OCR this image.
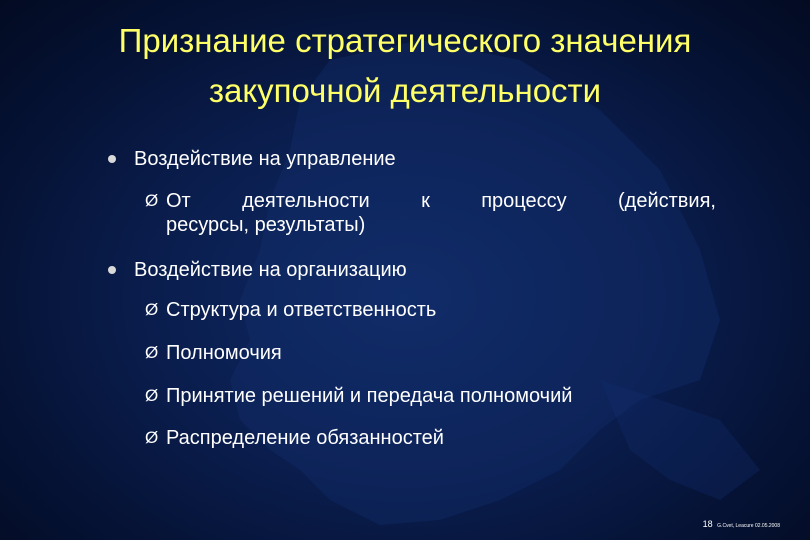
Признание стратегического значения
закупочной деятельности
Воздействие на управление
Ø От	деятельности	к	процессу	(действия,
ресурсы, результаты)
Воздействие на организацию
Ø Структура и ответственность
Ø Полномочия
Ø Принятие решений и передача полномочий
Ø Распределение обязанностей
18 G.Cvet, Leacure 02.05.2008
